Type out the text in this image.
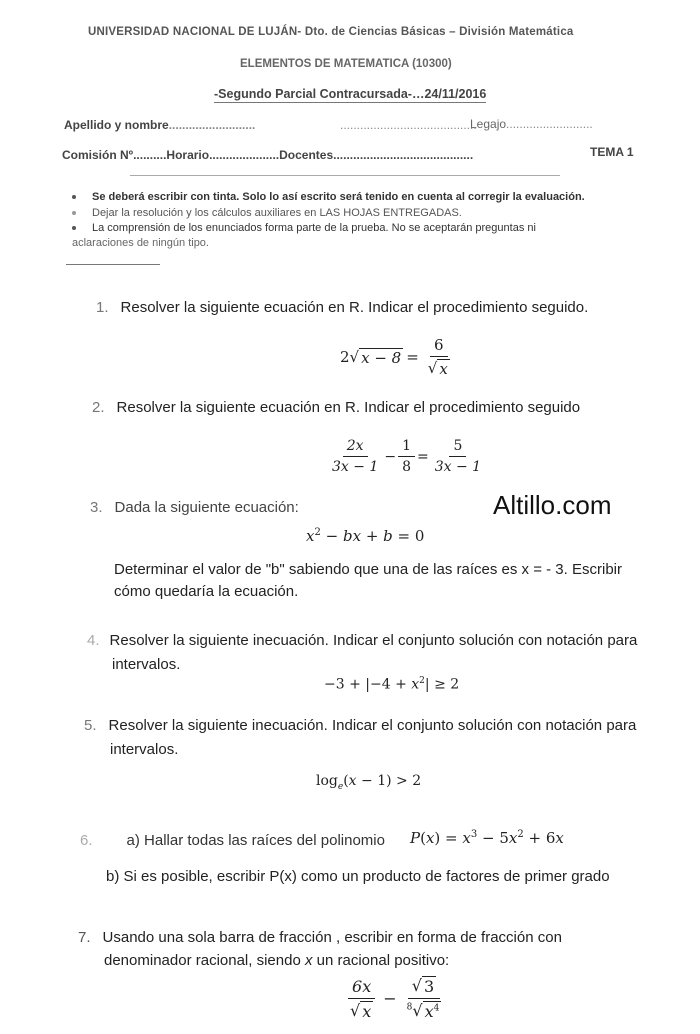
UNIVERSIDAD NACIONAL DE LUJÁN- Dto. de Ciencias Básicas – División Matemática
ELEMENTOS DE MATEMATICA (10300)
-Segundo Parcial Contracursada-…24/11/2016
Apellido y nombre..........................	.........................................
Legajo..........................
Comisión Nº..........Horario.....................Docentes..........................................	TEMA 1
Se deberá escribir con tinta. Solo lo así escrito será tenido en cuenta al corregir la evaluación.
Dejar la resolución y los cálculos auxiliares en LAS HOJAS ENTREGADAS.
La comprensión de los enunciados forma parte de la prueba. No se aceptarán preguntas ni
aclaraciones de ningún tipo.
1. Resolver la siguiente ecuación en R. Indicar el procedimiento seguido.
2 √ $x - 8 = \frac{6}{√ x}$
2. Resolver la siguiente ecuación en R. Indicar el procedimiento seguido
$\frac{2x}{3x - 1} - \frac{1}{8} = \frac{5}{3x - 1}$
3. Dada la siguiente ecuación:	Altillo.com
$x^2$ − bx + b = 0
Determinar el valor de "b" sabiendo que una de las raíces es x = - 3. Escribir
cómo quedaría la ecuación.
4. Resolver la siguiente inecuación. Indicar el conjunto solución con notación para
intervalos.
$-3 + |-4 + x^2| \ge 2$
5. Resolver la siguiente inecuación. Indicar el conjunto solución con notación para
intervalos.
$\log_e(x - 1) > 2$
6. a) Hallar todas las raíces del polinomio $P(x) = x^3 - 5x^2 + 6x$
b) Si es posible, escribir P(x) como un producto de factores de primer grado
7. Usando una sola barra de fracción , escribir en forma de fracción con
denominador racional, siendo x un racional positivo:
$\frac{6x}{√ x} - \frac{√ 3}{^8 √ x^4}$
